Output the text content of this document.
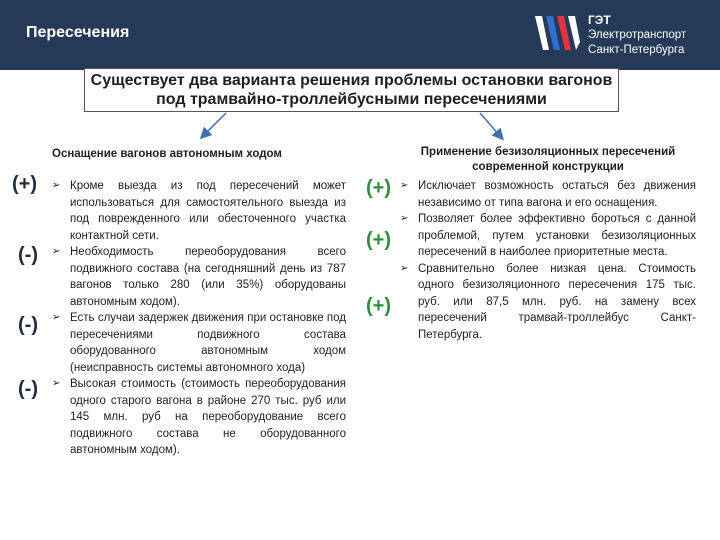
Пересечения
ГЭТ
Электротранспорт
Санкт-Петербурга
Существует два варианта решения проблемы остановки вагонов под трамвайно-троллейбусными пересечениями
Оснащение вагонов автономным ходом	Применение безизоляционных пересечений современной конструкции
(+)
(-)
(-)
(-)
➢ Кроме выезда из под пересечений может использоваться для самостоятельного выезда из под поврежденного или обесточенного участка контактной сети.
➢ Необходимость переоборудования всего подвижного состава (на сегодняшний день из 787 вагонов только 280 (или 35%) оборудованы автономным ходом).
➢ Есть случаи задержек движения при остановке под пересечениями подвижного состава оборудованного автономным ходом (неисправность системы автономного хода)
➢ Высокая стоимость (стоимость переоборудования одного старого вагона в районе 270 тыс. руб или 145 млн. руб на переоборудование всего подвижного состава не оборудованного автономным ходом).
(+)
(+)
(+)
➢ Исключает возможность остаться без движения независимо от типа вагона и его оснащения.
➢ Позволяет более эффективно бороться с данной проблемой, путем установки безизоляционных пересечений в наиболее приоритетные места.
➢ Сравнительно более низкая цена. Стоимость одного безизоляционного пересечения 175 тыс. руб. или 87,5 млн. руб. на замену всех пересечений трамвай-троллейбус Санкт-Петербурга.
